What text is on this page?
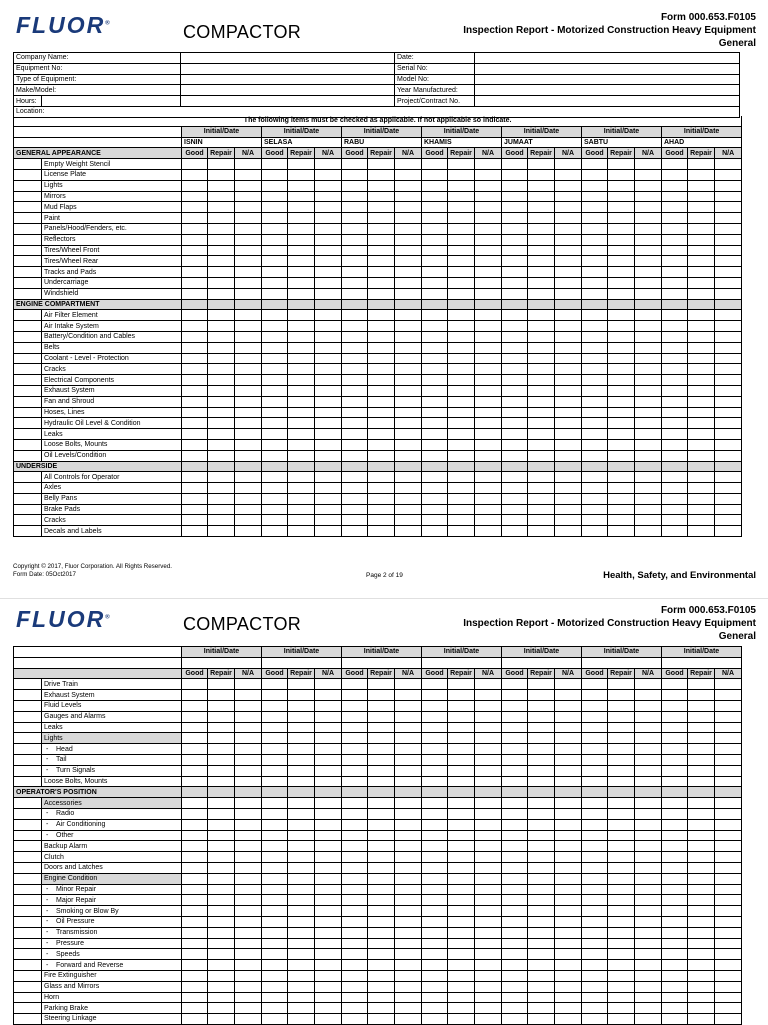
FLUOR®	COMPACTOR
Form 000.653.F0105
Inspection Report - Motorized Construction Heavy Equipment
General
Company Name:		Date:	
Equipment No:		Serial No:	
Type of Equipment:		Model No:	
Make/Model:		Year Manufactured:	
Hours:		Project/Contract No.	
Location:			
The following items must be checked as applicable. If not applicable so indicate.																						
		Initial/Date			Initial/Date			Initial/Date			Initial/Date			Initial/Date			Initial/Date			Initial/Date		
		ISNIN			SELASA			RABU			KHAMIS			JUMAAT			SABTU			AHAD		
GENERAL APPEARANCE		Good	Repair	N/A	Good	Repair	N/A	Good	Repair	N/A	Good	Repair	N/A	Good	Repair	N/A	Good	Repair	N/A	Good	Repair	N/A
	Empty Weight Stencil																					
	License Plate																					
	Lights																					
	Mirrors																					
	Mud Flaps																					
	Paint																					
	Panels/Hood/Fenders, etc.																					
	Reflectors																					
	Tires/Wheel Front																					
	Tires/Wheel Rear																					
	Tracks and Pads																					
	Undercarriage																					
	Windshield																					
ENGINE COMPARTMENT																						
	Air Filter Element																					
	Air Intake System																					
	Battery/Condition and Cables																					
	Belts																					
	Coolant - Level - Protection																					
	Cracks																					
	Electrical Components																					
	Exhaust System																					
	Fan and Shroud																					
	Hoses, Lines																					
	Hydraulic Oil Level & Condition																					
	Leaks																					
	Loose Bolts, Mounts																					
	Oil Levels/Condition																					
UNDERSIDE																						
	All Controls for Operator																					
	Axles																					
	Belly Pans																					
	Brake Pads																					
	Cracks																					
	Decals and Labels																					
Copyright © 2017, Fluor Corporation. All Rights Reserved.
Form Date: 05Oct2017	Page 2 of 19	Health, Safety, and Environmental
FLUOR®	COMPACTOR
Form 000.653.F0105
Inspection Report - Motorized Construction Heavy Equipment
General
		Initial/Date			Initial/Date			Initial/Date			Initial/Date			Initial/Date			Initial/Date			Initial/Date		

		Good	Repair	N/A	Good	Repair	N/A	Good	Repair	N/A	Good	Repair	N/A	Good	Repair	N/A	Good	Repair	N/A	Good	Repair	N/A
	Drive Train																					
	Exhaust System																					
	Fluid Levels																					
	Gauges and Alarms																					
	Leaks																					
	Lights																					
	- Head																					
	- Tail																					
	- Turn Signals																					
	Loose Bolts, Mounts																					
OPERATOR'S POSITION																						
	Accessories																					
	- Radio																					
	- Air Conditioning																					
	- Other																					
	Backup Alarm																					
	Clutch																					
	Doors and Latches																					
	Engine Condition																					
	- Minor Repair																					
	- Major Repair																					
	- Smoking or Blow By																					
	- Oil Pressure																					
	- Transmission																					
	- Pressure																					
	- Speeds																					
	- Forward and Reverse																					
	Fire Extinguisher																					
	Glass and Mirrors																					
	Horn																					
	Parking Brake																					
	Steering Linkage																					
